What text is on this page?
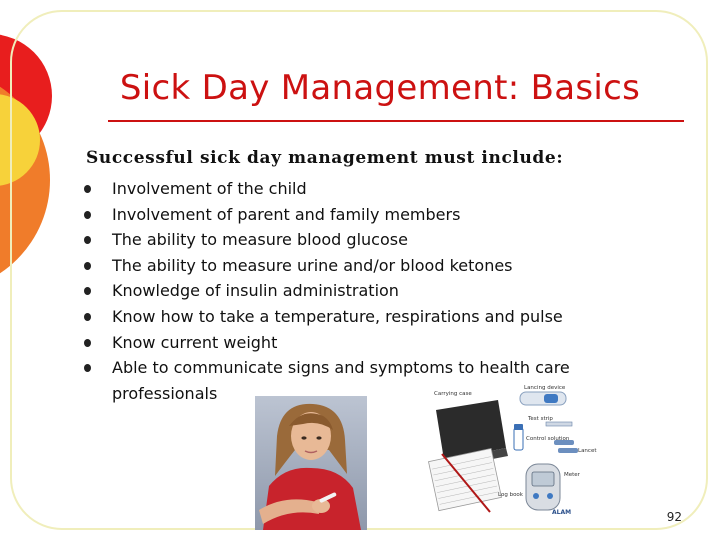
Sick Day Management: Basics

Successful sick day management must include:

Involvement of the child
Involvement of parent and family members
The ability to measure blood glucose
The ability to measure urine and/or blood ketones
Knowledge of insulin administration
Know how to take a temperature, respirations and pulse
Know current weight
Able to communicate signs and symptoms to health care professionals	Carrying case
Lancing device
Test strip
Control solution
Meter
Log book
Lancet
ALAM	92
